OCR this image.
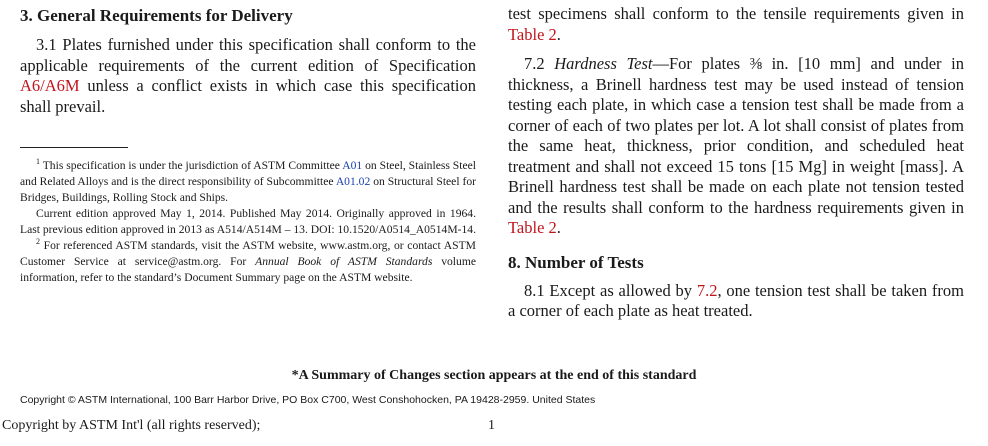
3. General Requirements for Delivery

3.1 Plates furnished under this specification shall conform to the applicable requirements of the current edition of Specification A6/A6M unless a conflict exists in which case this specification shall prevail.

$^1$ This specification is under the jurisdiction of ASTM Committee A01 on Steel, Stainless Steel and Related Alloys and is the direct responsibility of Subcommittee A01.02 on Structural Steel for Bridges, Buildings, Rolling Stock and Ships.

Current edition approved May 1, 2014. Published May 2014. Originally approved in 1964. Last previous edition approved in 2013 as A514/A514M – 13. DOI: 10.1520/A0514_A0514M-14.

$^2$ For referenced ASTM standards, visit the ASTM website, www.astm.org, or contact ASTM Customer Service at service@astm.org. For Annual Book of ASTM Standards volume information, refer to the standard’s Document Summary page on the ASTM website.

test specimens shall conform to the tensile requirements given in Table 2.

7.2 Hardness Test—For plates ⅜ in. [10 mm] and under in thickness, a Brinell hardness test may be used instead of tension testing each plate, in which case a tension test shall be made from a corner of each of two plates per lot. A lot shall consist of plates from the same heat, thickness, prior condition, and scheduled heat treatment and shall not exceed 15 tons [15 Mg] in weight [mass]. A Brinell hardness test shall be made on each plate not tension tested and the results shall conform to the hardness requirements given in Table 2.

8. Number of Tests

8.1 Except as allowed by 7.2, one tension test shall be taken from a corner of each plate as heat treated.

*A Summary of Changes section appears at the end of this standard
Copyright © ASTM International, 100 Barr Harbor Drive, PO Box C700, West Conshohocken, PA 19428-2959. United States
Copyright by ASTM Int'l (all rights reserved);	1
